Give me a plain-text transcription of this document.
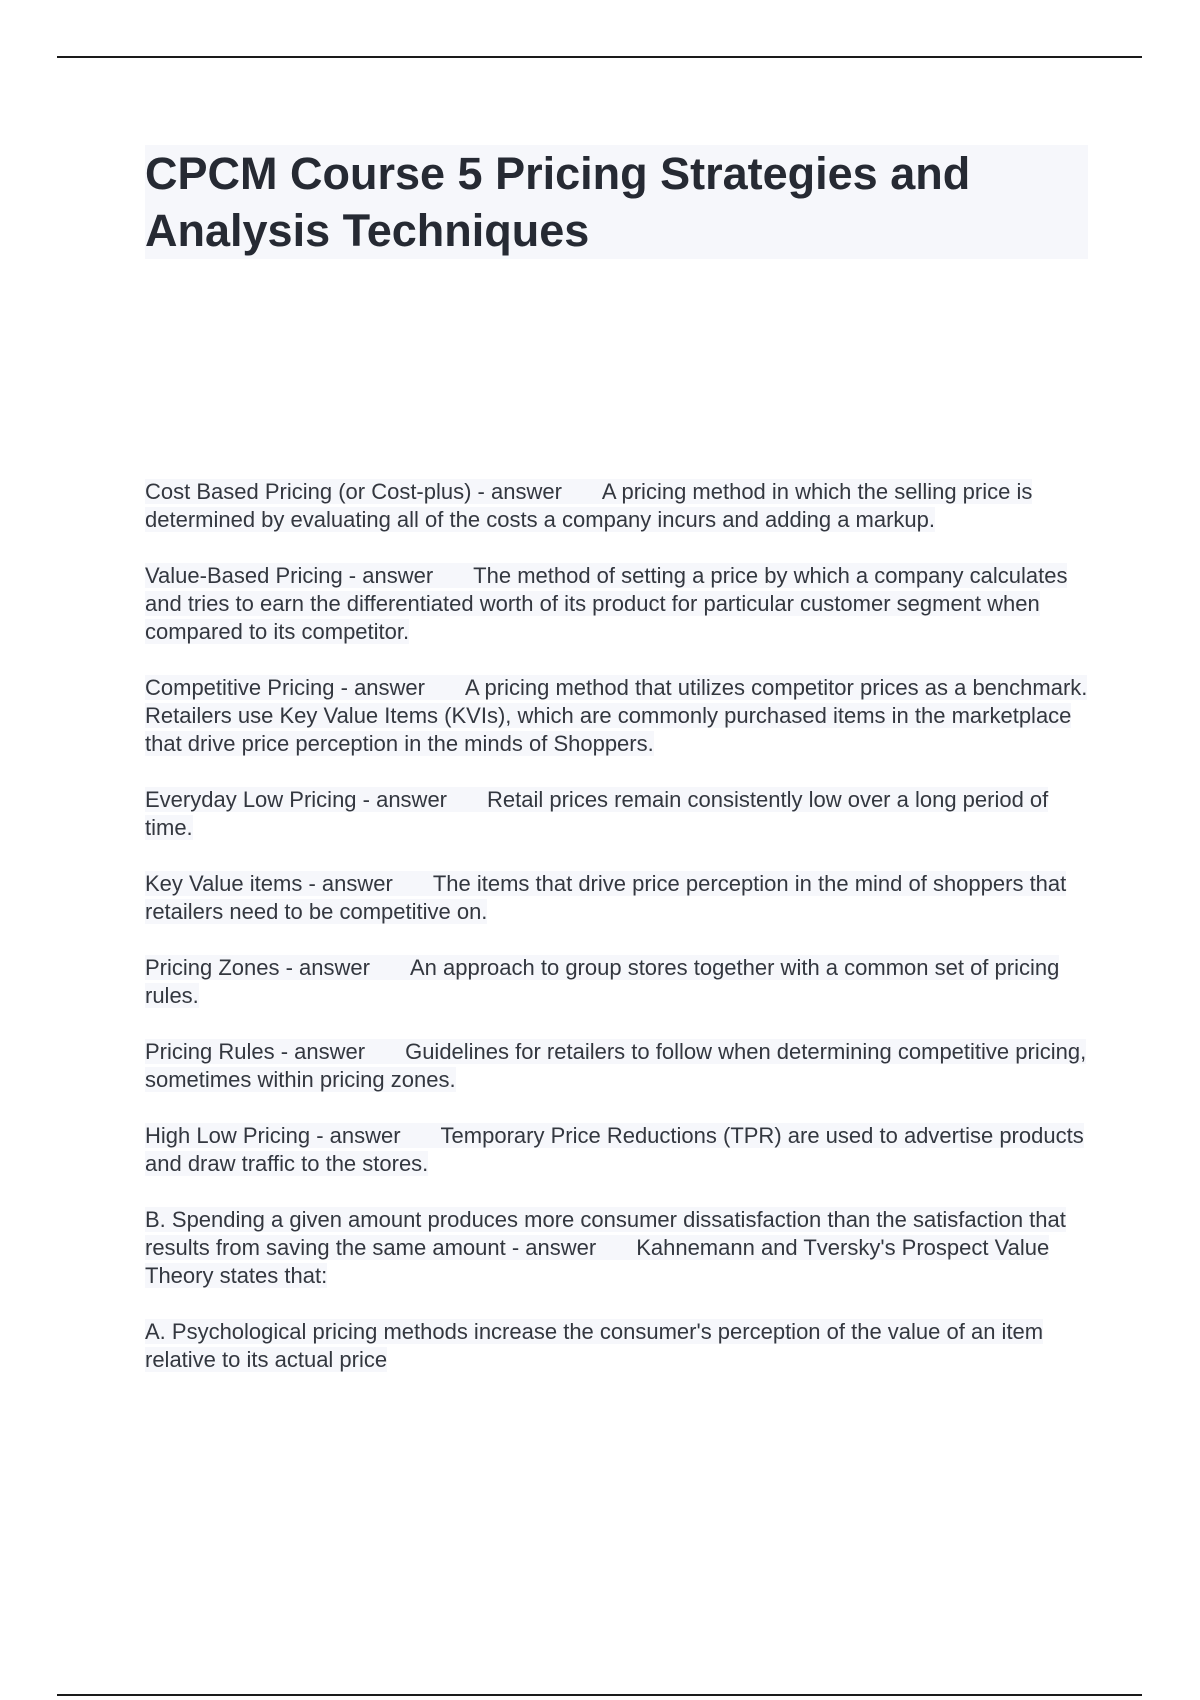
CPCM Course 5 Pricing Strategies and Analysis Techniques

Cost Based Pricing (or Cost-plus) - answer A pricing method in which the selling price is determined by evaluating all of the costs a company incurs and adding a markup.

Value-Based Pricing - answer The method of setting a price by which a company calculates and tries to earn the differentiated worth of its product for particular customer segment when compared to its competitor.

Competitive Pricing - answer A pricing method that utilizes competitor prices as a benchmark. Retailers use Key Value Items (KVIs), which are commonly purchased items in the marketplace that drive price perception in the minds of Shoppers.

Everyday Low Pricing - answer Retail prices remain consistently low over a long period of time.

Key Value items - answer The items that drive price perception in the mind of shoppers that retailers need to be competitive on.

Pricing Zones - answer An approach to group stores together with a common set of pricing rules.

Pricing Rules - answer Guidelines for retailers to follow when determining competitive pricing, sometimes within pricing zones.

High Low Pricing - answer Temporary Price Reductions (TPR) are used to advertise products and draw traffic to the stores.

B. Spending a given amount produces more consumer dissatisfaction than the satisfaction that results from saving the same amount - answer Kahnemann and Tversky's Prospect Value Theory states that:

A. Psychological pricing methods increase the consumer's perception of the value of an item relative to its actual price
